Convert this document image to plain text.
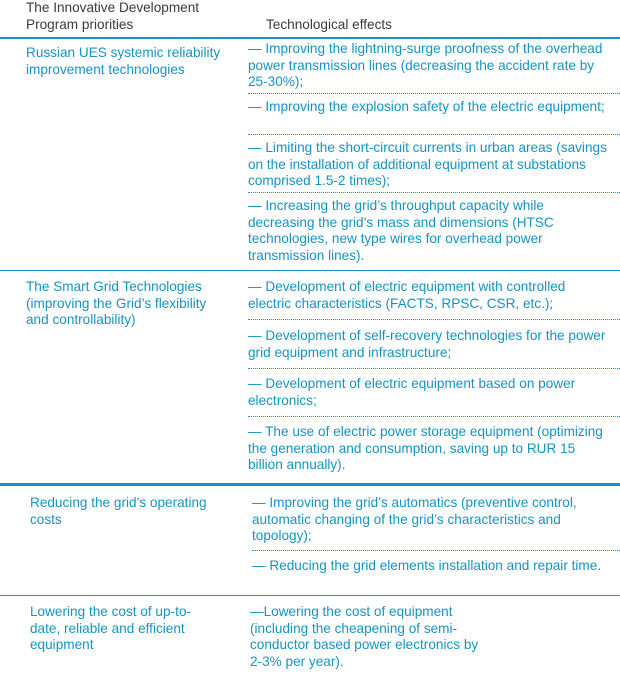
The Innovative Development Program priorities	Technological effects
Russian UES systemic reliability improvement technologies
— Improving the lightning-surge proofness of the overhead power transmission lines (decreasing the accident rate by 25-30%);
— Improving the explosion safety of the electric equipment;
— Limiting the short-circuit currents in urban areas (savings on the installation of additional equipment at substations comprised 1.5-2 times);
— Increasing the grid’s throughput capacity while decreasing the grid’s mass and dimensions (HTSC technologies, new type wires for overhead power transmission lines).
The Smart Grid Technologies (improving the Grid’s flexibility and controllability)
— Development of electric equipment with controlled electric characteristics (FACTS, RPSC, CSR, etc.);
— Development of self-recovery technologies for the power grid equipment and infrastructure;
— Development of electric equipment based on power electronics;
— The use of electric power storage equipment (optimizing the generation and consumption, saving up to RUR 15 billion annually).
Reducing the grid’s operating costs
— Improving the grid’s automatics (preventive control, automatic changing of the grid’s characteristics and topology);
— Reducing the grid elements installation and repair time.
Lowering the cost of up-to-date, reliable and efficient equipment
—Lowering the cost of equipment (including the cheapening of semi-conductor based power electronics by 2-3% per year).
